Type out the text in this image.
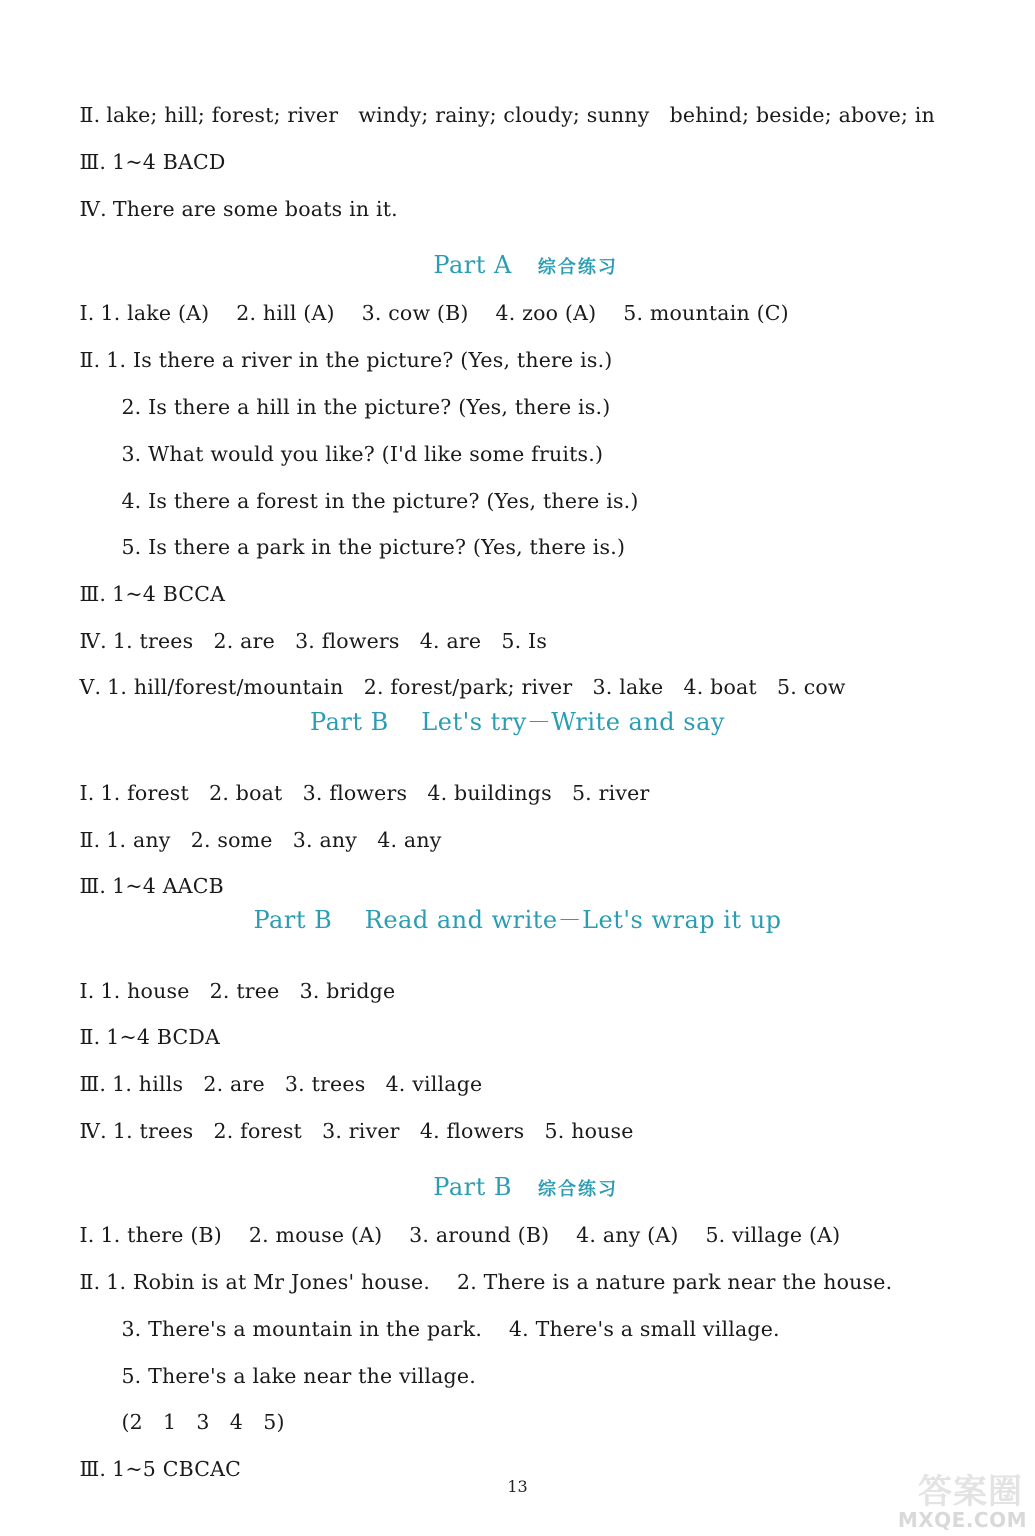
Ⅱ. lake; hill; forest; river   windy; rainy; cloudy; sunny   behind; beside; above; in

Ⅲ. 1~4 BACD

Ⅳ. There are some boats in it.

Part A 综合练习

Ⅰ. 1. lake (A)    2. hill (A)    3. cow (B)    4. zoo (A)    5. mountain (C)

Ⅱ. 1. Is there a river in the picture? (Yes, there is.)

2. Is there a hill in the picture? (Yes, there is.)

3. What would you like? (I'd like some fruits.)

4. Is there a forest in the picture? (Yes, there is.)

5. Is there a park in the picture? (Yes, there is.)

Ⅲ. 1~4 BCCA

Ⅳ. 1. trees   2. are   3. flowers   4. are   5. Is

Ⅴ. 1. hill/forest/mountain   2. forest/park; river   3. lake   4. boat   5. cow

Part B    Let's try－Write and say

Ⅰ. 1. forest   2. boat   3. flowers   4. buildings   5. river

Ⅱ. 1. any   2. some   3. any   4. any

Ⅲ. 1~4 AACB

Part B    Read and write－Let's wrap it up

Ⅰ. 1. house   2. tree   3. bridge

Ⅱ. 1~4 BCDA

Ⅲ. 1. hills   2. are   3. trees   4. village

Ⅳ. 1. trees   2. forest   3. river   4. flowers   5. house

Part B 综合练习

Ⅰ. 1. there (B)    2. mouse (A)    3. around (B)    4. any (A)    5. village (A)

Ⅱ. 1. Robin is at Mr Jones' house.    2. There is a nature park near the house.

3. There's a mountain in the park.    4. There's a small village.

5. There's a lake near the village.

(2   1   3   4   5)

Ⅲ. 1~5 CBCAC

13	答案圈
MXQE.COM
